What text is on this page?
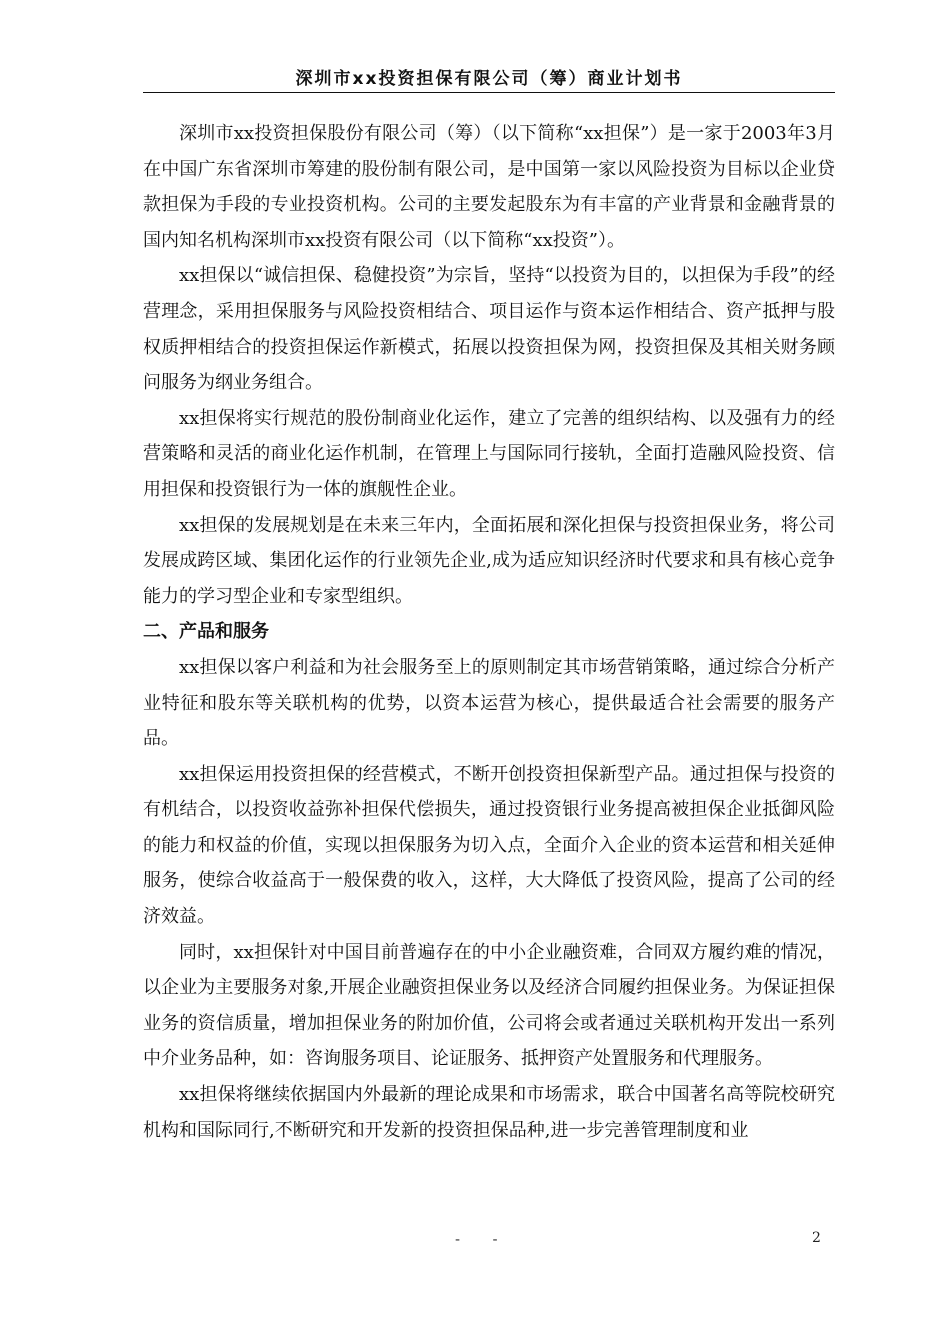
深圳市xx投资担保有限公司（筹）商业计划书

深圳市xx投资担保股份有限公司（筹）（以下简称“xx担保”）是一家于2003年3月在中国广东省深圳市筹建的股份制有限公司，是中国第一家以风险投资为目标以企业贷款担保为手段的专业投资机构。公司的主要发起股东为有丰富的产业背景和金融背景的国内知名机构深圳市xx投资有限公司（以下简称“xx投资”）。

xx担保以“诚信担保、稳健投资”为宗旨，坚持“以投资为目的，以担保为手段”的经营理念，采用担保服务与风险投资相结合、项目运作与资本运作相结合、资产抵押与股权质押相结合的投资担保运作新模式，拓展以投资担保为网，投资担保及其相关财务顾问服务为纲业务组合。

xx担保将实行规范的股份制商业化运作，建立了完善的组织结构、以及强有力的经营策略和灵活的商业化运作机制，在管理上与国际同行接轨，全面打造融风险投资、信用担保和投资银行为一体的旗舰性企业。

xx担保的发展规划是在未来三年内，全面拓展和深化担保与投资担保业务，将公司发展成跨区域、集团化运作的行业领先企业,成为适应知识经济时代要求和具有核心竞争能力的学习型企业和专家型组织。

二、产品和服务

xx担保以客户利益和为社会服务至上的原则制定其市场营销策略，通过综合分析产业特征和股东等关联机构的优势，以资本运营为核心，提供最适合社会需要的服务产品。

xx担保运用投资担保的经营模式，不断开创投资担保新型产品。通过担保与投资的有机结合，以投资收益弥补担保代偿损失，通过投资银行业务提高被担保企业抵御风险的能力和权益的价值，实现以担保服务为切入点，全面介入企业的资本运营和相关延伸服务，使综合收益高于一般保费的收入，这样，大大降低了投资风险，提高了公司的经济效益。

同时，xx担保针对中国目前普遍存在的中小企业融资难，合同双方履约难的情况，以企业为主要服务对象,开展企业融资担保业务以及经济合同履约担保业务。为保证担保业务的资信质量，增加担保业务的附加价值，公司将会或者通过关联机构开发出一系列中介业务品种，如：咨询服务项目、论证服务、抵押资产处置服务和代理服务。

xx担保将继续依据国内外最新的理论成果和市场需求，联合中国著名高等院校研究机构和国际同行,不断研究和开发新的投资担保品种,进一步完善管理制度和业

- -	2
